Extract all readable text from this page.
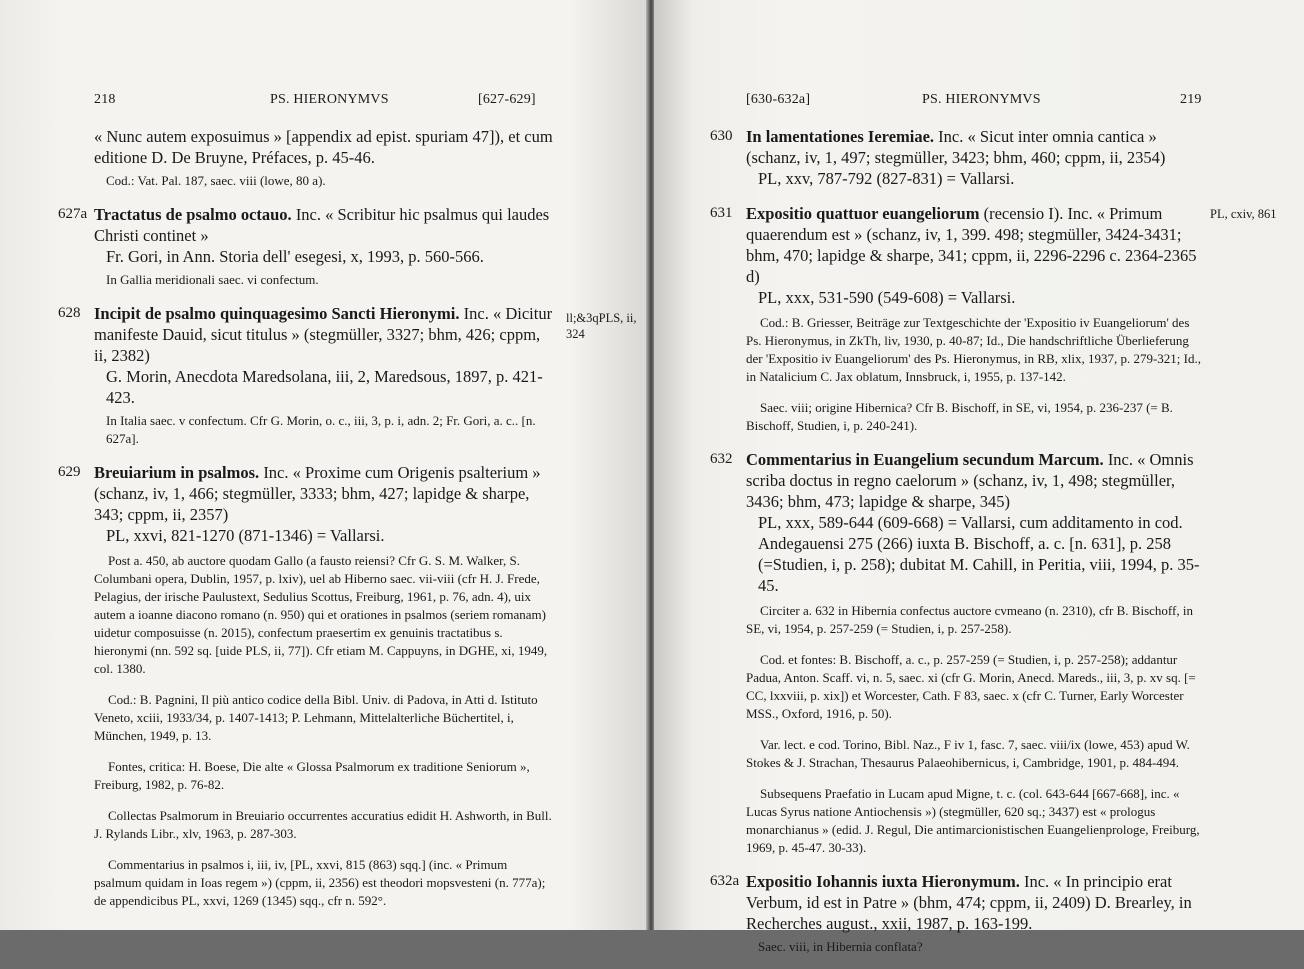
218	PS. HIERONYMVS	[627-629]

« Nunc autem exposuimus » [appendix ad epist. spuriam 47]), et cum editione D. De Bruyne, Préfaces, p. 45-46.

Cod.: Vat. Pal. 187, saec. viii (lowe, 80 a).

627a Tractatus de psalmo octauo. Inc. « Scribitur hic psalmus qui laudes Christi continet »

Fr. Gori, in Ann. Storia dell' esegesi, x, 1993, p. 560-566.

In Gallia meridionali saec. vi confectum.

628 Incipit de psalmo quinquagesimo Sancti Hieronymi. Inc. « Dicitur manifeste Dauid, sicut titulus » (stegmüller, 3327; bhm, 426; cppm, ii, 2382)

G. Morin, Anecdota Maredsolana, iii, 2, Maredsous, 1897, p. 421-423.

In Italia saec. v confectum. Cfr G. Morin, o. c., iii, 3, p. i, adn. 2; Fr. Gori, a. c.. [n. 627a].

629 Breuiarium in psalmos. Inc. « Proxime cum Origenis psalterium » (schanz, iv, 1, 466; stegmüller, 3333; bhm, 427; lapidge & sharpe, 343; cppm, ii, 2357)

PL, xxvi, 821-1270 (871-1346) = Vallarsi.

Post a. 450, ab auctore quodam Gallo (a fausto reiensi? Cfr G. S. M. Walker, S. Columbani opera, Dublin, 1957, p. lxiv), uel ab Hiberno saec. vii-viii (cfr H. J. Frede, Pelagius, der irische Paulustext, Sedulius Scottus, Freiburg, 1961, p. 76, adn. 4), uix autem a ioanne diacono romano (n. 950) qui et orationes in psalmos (seriem romanam) uidetur composuisse (n. 2015), confectum praesertim ex genuinis tractatibus s. hieronymi (nn. 592 sq. [uide PLS, ii, 77]). Cfr etiam M. Cappuyns, in DGHE, xi, 1949, col. 1380.

Cod.: B. Pagnini, Il più antico codice della Bibl. Univ. di Padova, in Atti d. Istituto Veneto, xciii, 1933/34, p. 1407-1413; P. Lehmann, Mittelalterliche Büchertitel, i, München, 1949, p. 13.

Fontes, critica: H. Boese, Die alte « Glossa Psalmorum ex traditione Seniorum », Freiburg, 1982, p. 76-82.

Collectas Psalmorum in Breuiario occurrentes accuratius edidit H. Ashworth, in Bull. J. Rylands Libr., xlv, 1963, p. 287-303.

Commentarius in psalmos i, iii, iv, [PL, xxvi, 815 (863) sqq.] (inc. « Primum psalmum quidam in Ioas regem ») (cppm, ii, 2356) est theodori mopsvesteni (n. 777a); de appendicibus PL, xxvi, 1269 (1345) sqq., cfr n. 592°.

ll;&3qPLS, ii, 324
[630-632a]	PS. HIERONYMVS	219
630 In lamentationes Ieremiae. Inc. « Sicut inter omnia cantica » (schanz, iv, 1, 497; stegmüller, 3423; bhm, 460; cppm, ii, 2354)

PL, xxv, 787-792 (827-831) = Vallarsi.

631 Expositio quattuor euangeliorum (recensio I). Inc. « Primum quaerendum est » (schanz, iv, 1, 399. 498; stegmüller, 3424-3431; bhm, 470; lapidge & sharpe, 341; cppm, ii, 2296-2296 c. 2364-2365 d)

PL, xxx, 531-590 (549-608) = Vallarsi.

Cod.: B. Griesser, Beiträge zur Textgeschichte der 'Expositio iv Euangeliorum' des Ps. Hieronymus, in ZkTh, liv, 1930, p. 40-87; Id., Die handschriftliche Überlieferung der 'Expositio iv Euangeliorum' des Ps. Hieronymus, in RB, xlix, 1937, p. 279-321; Id., in Natalicium C. Jax oblatum, Innsbruck, i, 1955, p. 137-142.

Saec. viii; origine Hibernica? Cfr B. Bischoff, in SE, vi, 1954, p. 236-237 (= B. Bischoff, Studien, i, p. 240-241).

632 Commentarius in Euangelium secundum Marcum. Inc. « Omnis scriba doctus in regno caelorum » (schanz, iv, 1, 498; stegmüller, 3436; bhm, 473; lapidge & sharpe, 345)

PL, xxx, 589-644 (609-668) = Vallarsi, cum additamento in cod. Andegauensi 275 (266) iuxta B. Bischoff, a. c. [n. 631], p. 258 (=Studien, i, p. 258); dubitat M. Cahill, in Peritia, viii, 1994, p. 35-45.

Circiter a. 632 in Hibernia confectus auctore cvmeano (n. 2310), cfr B. Bischoff, in SE, vi, 1954, p. 257-259 (= Studien, i, p. 257-258).

Cod. et fontes: B. Bischoff, a. c., p. 257-259 (= Studien, i, p. 257-258); addantur Padua, Anton. Scaff. vi, n. 5, saec. xi (cfr G. Morin, Anecd. Mareds., iii, 3, p. xv sq. [= CC, lxxviii, p. xix]) et Worcester, Cath. F 83, saec. x (cfr C. Turner, Early Worcester MSS., Oxford, 1916, p. 50).

Var. lect. e cod. Torino, Bibl. Naz., F iv 1, fasc. 7, saec. viii/ix (lowe, 453) apud W. Stokes & J. Strachan, Thesaurus Palaeohibernicus, i, Cambridge, 1901, p. 484-494.

Subsequens Praefatio in Lucam apud Migne, t. c. (col. 643-644 [667-668], inc. « Lucas Syrus natione Antiochensis ») (stegmüller, 620 sq.; 3437) est « prologus monarchianus » (edid. J. Regul, Die antimarcionistischen Euangelienprologe, Freiburg, 1969, p. 45-47. 30-33).

632a Expositio Iohannis iuxta Hieronymum. Inc. « In principio erat Verbum, id est in Patre » (bhm, 474; cppm, ii, 2409) D. Brearley, in Recherches august., xxii, 1987, p. 163-199.

Saec. viii, in Hibernia conflata?

PL, cxiv, 861
